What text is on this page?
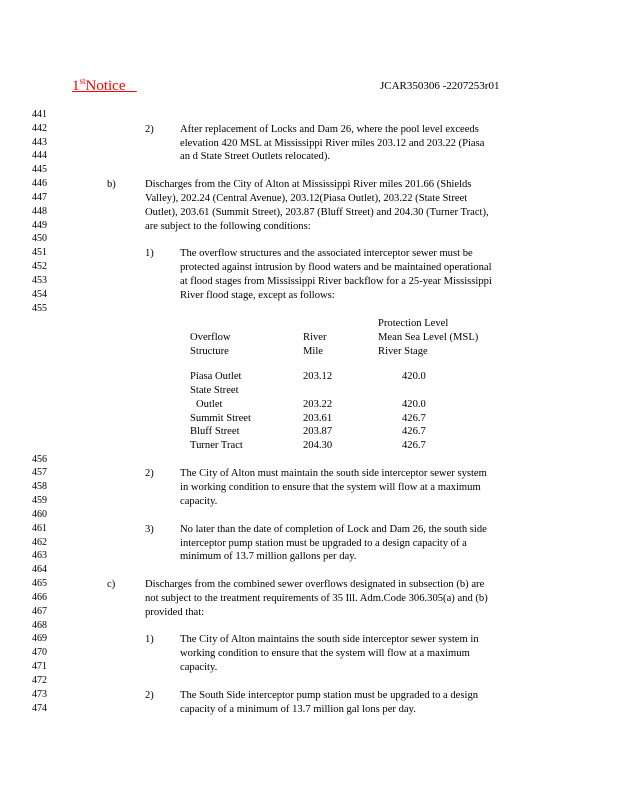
1stNotice	JCAR350306 -2207253r01
441
442
443
444
445
446
447
448
449
450
451
452
453
454
455
456
457
458
459
460
461
462
463
464
465
466
467
468
469
470
471
472
473
474
2) After replacement of Locks and Dam 26, where the pool level exceeds
elevation 420 MSL at Mississippi River miles 203.12 and 203.22 (Piasa
an d State Street Outlets relocated).
b)	Discharges from the City of Alton at Mississippi River miles 201.66 (Shields
Valley), 202.24 (Central Avenue), 203.12(Piasa Outlet), 203.22 (State Street
Outlet), 203.61 (Summit Street), 203.87 (Bluff Street) and 204.30 (Turner Tract),
are subject to the following conditions:
1) The overflow structures and the associated interceptor sewer must be
protected against intrusion by flood waters and be maintained operational
at flood stages from Mississippi River backflow for a 25-year Mississippi
River flood stage, except as follows:
Protection Level
Overflow	River	Mean Sea Level (MSL)
Structure	Mile	River Stage
Piasa Outlet	203.12	420.0
State Street
Outlet	203.22	420.0
Summit Street	203.61	426.7
Bluff Street	203.87	426.7
Turner Tract	204.30	426.7
2) The City of Alton must maintain the south side interceptor sewer system
in working condition to ensure that the system will flow at a maximum
capacity.
3) No later than the date of completion of Lock and Dam 26, the south side
interceptor pump station must be upgraded to a design capacity of a
minimum of 13.7 million gallons per day.
c)	Discharges from the combined sewer overflows designated in subsection (b) are
not subject to the treatment requirements of 35 Ill. Adm.Code 306.305(a) and (b)
provided that:
1) The City of Alton maintains the south side interceptor sewer system in
working condition to ensure that the system will flow at a maximum
capacity.
2) The South Side interceptor pump station must be upgraded to a design
capacity of a minimum of 13.7 million gal lons per day.
